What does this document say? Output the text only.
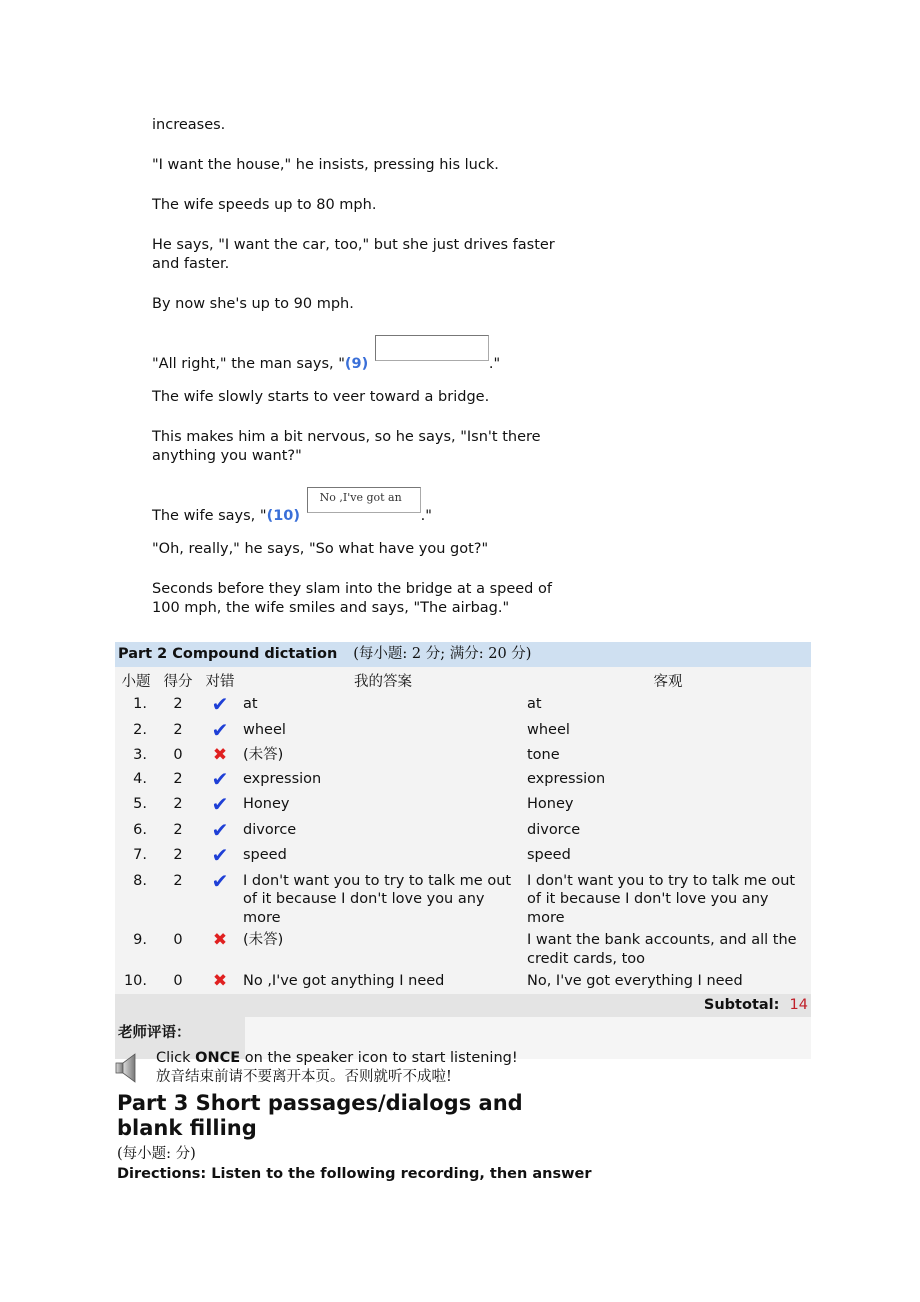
increases.

"I want the house," he insists, pressing his luck.

The wife speeds up to 80 mph.

He says, "I want the car, too," but she just drives faster and faster.

By now she's up to 90 mph.

"All right," the man says, "(9)	."

The wife slowly starts to veer toward a bridge.

This makes him a bit nervous, so he says, "Isn't there anything you want?"

The wife says, "(10) No ,I've got an."

"Oh, really," he says, "So what have you got?"

Seconds before they slam into the bridge at a speed of 100 mph, the wife smiles and says, "The airbag."

Part 2 Compound dictation (每小题: 2 分; 满分: 20 分)
小题	得分	对错	我的答案	客观
1.	2	✔	at	at
2.	2	✔	wheel	wheel
3.	0	✖	(未答)	tone
4.	2	✔	expression	expression
5.	2	✔	Honey	Honey
6.	2	✔	divorce	divorce
7.	2	✔	speed	speed
8.	2	✔	I don't want you to try to talk me out of it because I don't love you any more	I don't want you to try to talk me out of it because I don't love you any more
9.	0	✖	(未答)	I want the bank accounts, and all the credit cards, too
10.	0	✖	No ,I've got anything I need	No, I've got everything I need
Subtotal:  14
老师评语：
Click ONCE on the speaker icon to start listening!
放音结束前请不要离开本页。否则就听不成啦!
Part 3 Short passages/dialogs and blank filling
(每小题: 分)
Directions: Listen to the following recording, then answer
